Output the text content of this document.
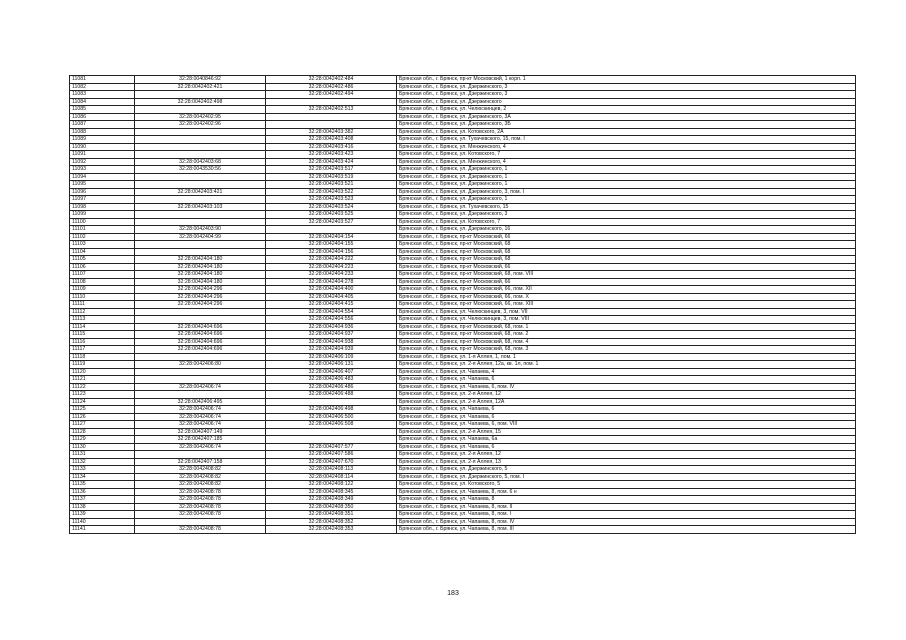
11081	32:28:0040846:92	32:28:0042402:484	Брянская обл., г. Брянск, пр-кт Московский, 1 корп. 1
11082	32:28:0042402:421	32:28:0042402:486	Брянская обл., г. Брянск, ул. Дзержинского, 3
11083		32:28:0042402:494	Брянская обл., г. Брянск, ул. Дзержинского, 3
11084	32:28:0042402:498		Брянская обл., г. Брянск, ул. Дзержинского
11085		32:28:0042402:513	Брянская обл., г. Брянск, ул. Челюскинцев, 2
11086	32:28:0042402:95		Брянская обл., г. Брянск, ул. Дзержинского, 3А
11087	32:28:0042402:96		Брянская обл., г. Брянск, ул. Дзержинского, 3Б
11088		32:28:0042403:382	Брянская обл., г. Брянск, ул. Котовского, 2А
11089		32:28:0042403:408	Брянская обл., г. Брянск, ул. Тухачевского, 15, пом. I
11090		32:28:0042403:416	Брянская обл., г. Брянск, ул. Менжинского, 4
11091		32:28:0042403:423	Брянская обл., г. Брянск, ул. Котовского, 7
11092	32:28:0042403:68	32:28:0042403:424	Брянская обл., г. Брянск, ул. Менжинского, 4
11093	32:28:0043530:56	32:28:0042403:517	Брянская обл., г. Брянск, ул. Дзержинского, 1
11094		32:28:0042403:519	Брянская обл., г. Брянск, ул. Дзержинского, 1
11095		32:28:0042403:521	Брянская обл., г. Брянск, ул. Дзержинского, 1
11096	32:28:0042403:421	32:28:0042403:522	Брянская обл., г. Брянск, ул. Дзержинского, 3, пом. I
11097		32:28:0042403:523	Брянская обл., г. Брянск, ул. Дзержинского, 1
11098	32:28:0042403:103	32:28:0042403:524	Брянская обл., г. Брянск, ул. Тухачевского, 15
11099		32:28:0042403:525	Брянская обл., г. Брянск, ул. Дзержинского, 3
11100		32:28:0042403:527	Брянская обл., г. Брянск, ул. Котовского, 7
11101	32:28:0042403:90		Брянская обл., г. Брянск, ул. Дзержинского, 16
11102	32:28:0042404:99	32:28:0042404:154	Брянская обл., г. Брянск, пр-кт Московский, 66
11103		32:28:0042404:155	Брянская обл., г. Брянск, пр-кт Московский, 68
11104		32:28:0042404:156	Брянская обл., г. Брянск, пр-кт Московский, 68
11105	32:28:0042404:180	32:28:0042404:222	Брянская обл., г. Брянск, пр-кт Московский, 68
11106	32:28:0042404:180	32:28:0042404:223	Брянская обл., г. Брянск, пр-кт Московский, 66
11107	32:28:0042404:180	32:28:0042404:233	Брянская обл., г. Брянск, пр-кт Московский, 68, пом. VIII
11108	32:28:0042404:180	32:28:0042404:278	Брянская обл., г. Брянск, пр-кт Московский, 66
11109	32:28:0042404:296	32:28:0042404:400	Брянская обл., г. Брянск, пр-кт Московский, 66, пом. XII
11110	32:28:0042404:296	32:28:0042404:405	Брянская обл., г. Брянск, пр-кт Московский, 66, пом. X
11111	32:28:0042404:296	32:28:0042404:415	Брянская обл., г. Брянск, пр-кт Московский, 66, пом. XIII
11112		32:28:0042404:554	Брянская обл., г. Брянск, ул. Челюскинцев, 3, пом. VII
11113		32:28:0042404:556	Брянская обл., г. Брянск, ул. Челюскинцев, 3, пом. VIII
11114	32:28:0042404:696	32:28:0042404:936	Брянская обл., г. Брянск, пр-кт Московский, 68, пом. 1
11115	32:28:0042404:696	32:28:0042404:937	Брянская обл., г. Брянск, пр-кт Московский, 68, пом. 2
11116	32:28:0042404:696	32:28:0042404:938	Брянская обл., г. Брянск, пр-кт Московский, 68, пом. 4
11117	32:28:0042404:696	32:28:0042404:939	Брянская обл., г. Брянск, пр-кт Московский, 68, пом. 3
11118		32:28:0042406:109	Брянская обл., г. Брянск, ул. 1-я Аллея, 1, пом. 1
11119	32:28:0042406:80	32:28:0042406:131	Брянская обл., г. Брянск, ул. 2-я Аллея, 12а, кв. 1л, пом. 1
11120		32:28:0042406:407	Брянская обл., г. Брянск, ул. Чапаева, 4
11121		32:28:0042406:483	Брянская обл., г. Брянск, ул. Чапаева, 6
11122	32:28:0042406:74	32:28:0042406:486	Брянская обл., г. Брянск, ул. Чапаева, 6, пом. IV
11123		32:28:0042406:488	Брянская обл., г. Брянск, ул. 2-я Аллея, 12
11124	32:28:0042406:495		Брянская обл., г. Брянск, ул. 2-я Аллея, 12А
11125	32:28:0042406:74	32:28:0042406:498	Брянская обл., г. Брянск, ул. Чапаева, 6
11126	32:28:0042406:74	32:28:0042406:500	Брянская обл., г. Брянск, ул. Чапаева, 6
11127	32:28:0042406:74	32:28:0042406:508	Брянская обл., г. Брянск, ул. Чапаева, 6, пом. VIII
11128	32:28:0042407:149		Брянская обл., г. Брянск, ул. 2-я Аллея, 15
11129	32:28:0042407:185		Брянская обл., г. Брянск, ул. Чапаева, 6а
11130	32:28:0042406:74	32:28:0042407:577	Брянская обл., г. Брянск, ул. Чапаева, 6
11131		32:28:0042407:586	Брянская обл., г. Брянск, ул. 2-я Аллея, 12
11132	32:28:0042407:158	32:28:0042407:670	Брянская обл., г. Брянск, ул. 2-я Аллея, 13
11133	32:28:0042408:82	32:28:0042408:113	Брянская обл., г. Брянск, ул. Дзержинского, 5
11134	32:28:0042408:82	32:28:0042408:114	Брянская обл., г. Брянск, ул. Дзержинского, 5, пом. I
11135	32:28:0042408:82	32:28:0042408:122	Брянская обл., г. Брянск, ул. Котовского, 5
11136	32:28:0042408:78	32:28:0042408:345	Брянская обл., г. Брянск, ул. Чапаева, 8, пом. 6 н
11137	32:28:0042408:78	32:28:0042408:349	Брянская обл., г. Брянск, ул. Чапаева, 8
11138	32:28:0042408:78	32:28:0042408:350	Брянская обл., г. Брянск, ул. Чапаева, 8, пом. II
11139	32:28:0042408:78	32:28:0042408:351	Брянская обл., г. Брянск, ул. Чапаева, 8, пом. I
11140		32:28:0042408:352	Брянская обл., г. Брянск, ул. Чапаева, 8, пом. IV
11141	32:28:0042408:78	32:28:0042408:353	Брянская обл., г. Брянск, ул. Чапаева, 8, пом. III
183
